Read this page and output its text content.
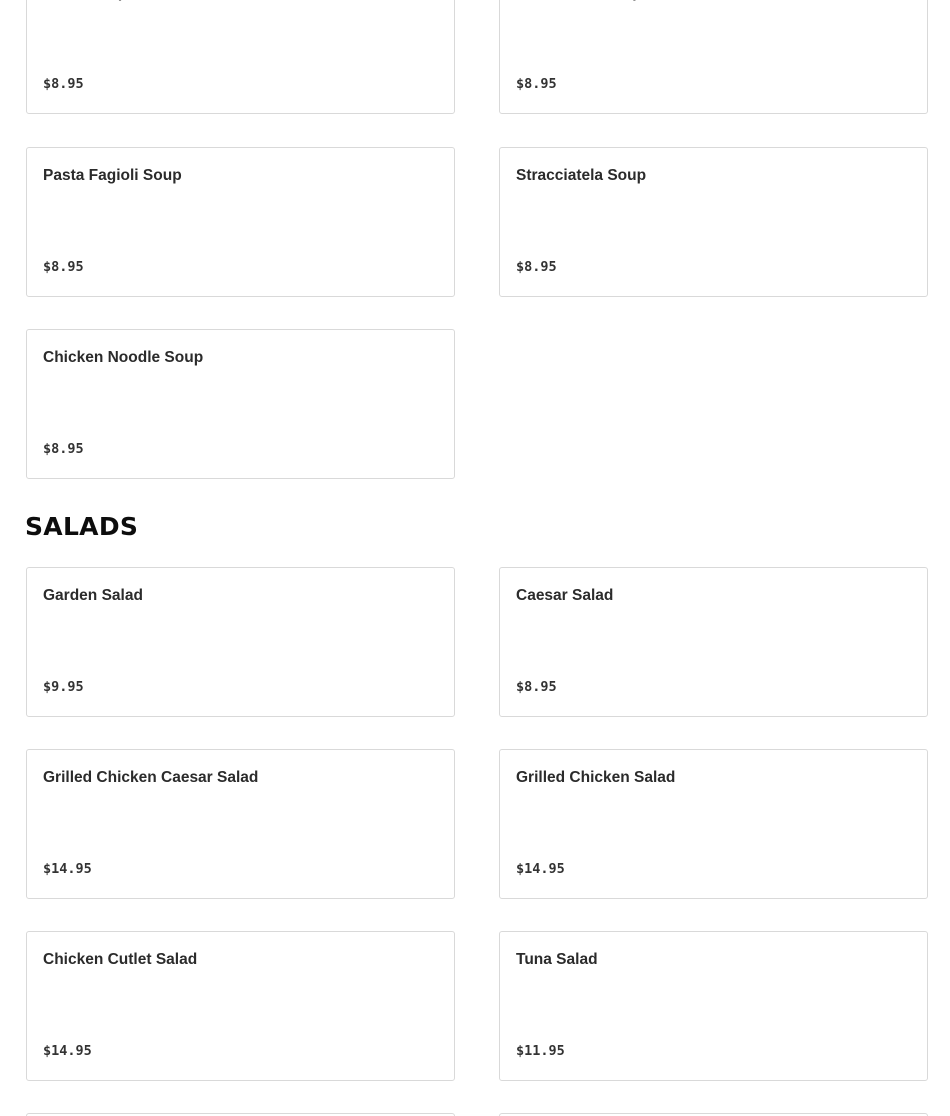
$8.95	$8.95
Pasta Fagioli Soup
$8.95
Stracciatela Soup
$8.95
Chicken Noodle Soup
$8.95
SALADS
Garden Salad
$9.95
Caesar Salad
$8.95
Grilled Chicken Caesar Salad
$14.95
Grilled Chicken Salad
$14.95
Chicken Cutlet Salad
$14.95
Tuna Salad
$11.95
